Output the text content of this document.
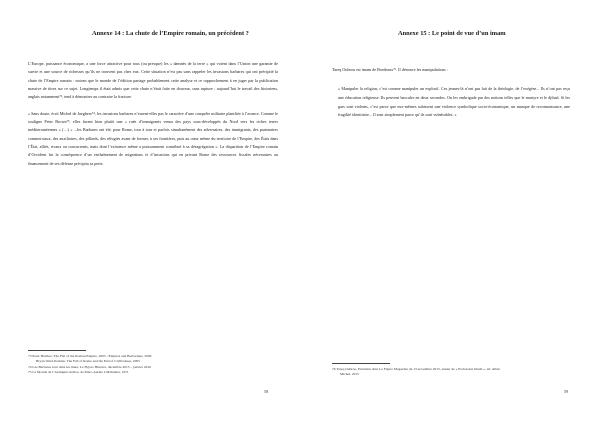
Annexe 14 : La chute de l’Empire romain, un précédent ?

L’Europe, puissance économique, a une force attractive pour tous (ou presque) les « damnés de la terre » qui voient dans l’Union une garantie de survie et une source de richesses qu’ils ne trouvent pas chez eux. Cette situation n’est pas sans rappeler les invasions barbares qui ont précipité la chute de l’Empire romain : notons que le monde de l’édition partage probablement cette analyse et ce rapprochement à en juger par la publication massive de titres sur ce sujet. Longtemps il était admis que cette chute n’était faite en douceur, sans rupture ; aujourd’hui le travail des historiens, anglais notamment⁷³, tend à démontrer au contraire la fracture.

« Sans doute, écrit Michel de Jaeghere⁷⁴, les invasions barbares n’eurent-elles pas le caractère d’une conquête militaire planifiée à l’avance. Comme le souligne Peter Brown⁷⁵, elles furent bien plutôt une « ruée d’immigrants venus des pays sous-développés du Nord vers les riches terres méditerranéennes » (…) « ...les Barbares ont été, pour Rome, tour à tour et parfois simultanément des adversaires, des immigrants, des partenaires commerciaux, des auxiliaires, des pillards, des réfugiés avant de former, à ses frontières, puis au cœur même du territoire de l’Empire, des États dans l’État, alliés, rivaux ou concurrents, mais dont l’existence même a puissamment contribué à sa désagrégation ». La disparition de l’Empire romain d’Occident fut la conséquence d’un enchaînement de migrations et d’invasions qui en privant Rome des ressources fiscales nécessaires au financement de ses défense précipita sa perte.

73 Peter Heather, The Fall of the Roman Empire, 2005 ; Empires and Barbarians, 2009
Bryan Ward-Perkins, The Fall of Rome and the End of Civilization, 2005
74 Les Barbares sont dans les murs, Le Figaro Histoire, décembre 2015 – janvier 2016
75 Le Monde de l’Antiquité tardive, de Marc-Aurèle à Mahomet, 1971
58
Annexe 15 : Le point de vue d’un imam
Tareq Oubrou est imam de Bordeaux⁷⁶. Il dénonce les manipulations :
« Manipuler la religion, c’est comme manipuler un explosif. Ces jeunes-là n’ont pas fait de la théologie, de l’exégèse... Ils n’ont pas reçu une éducation religieuse. Ils peuvent basculer en deux secondes. On les embrigade par des notions telles que le martyre et le djihad. Si les gars sont violents, c’est parce que eux-mêmes subissent une violence symbolique socio-économique, un manque de reconnaissance, une fragilité identitaire... Il sont simplement parce qu’ils sont vulnérables. »
76 Tareq Oubrou, Entretien dans Le Figaro Magazine du 13 novembre 2015, auteur de « Profession Imam », éd. Albin
Michel, 2015
59
